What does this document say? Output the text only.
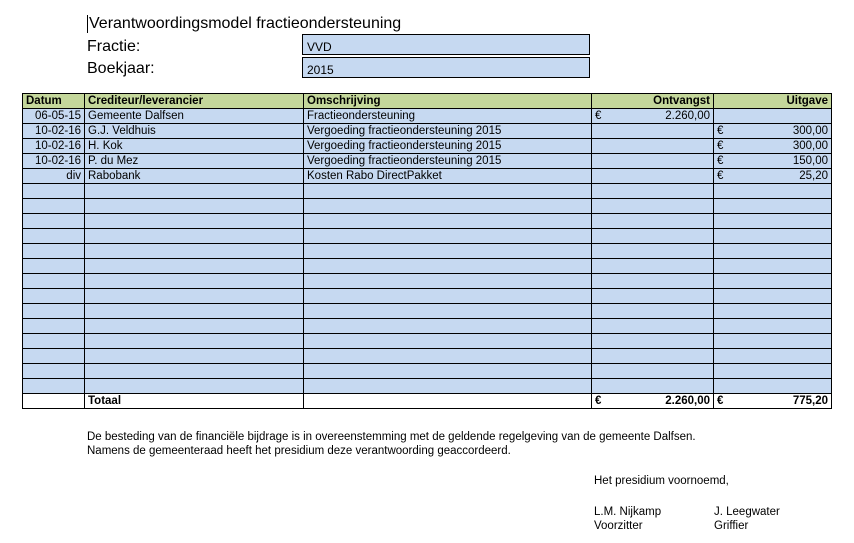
Verantwoordingsmodel fractieondersteuning
Fractie:	VVD
Boekjaar:	2015
Datum	Crediteur/leverancier	Omschrijving	Ontvangst	Uitgave
06-05-15	Gemeente Dalfsen	Fractieondersteuning	€ 2.260,00	

10-02-16	G.J. Veldhuis	Vergoeding fractieondersteuning 2015		€ 300,00

10-02-16	H. Kok	Vergoeding fractieondersteuning 2015		€ 300,00

10-02-16	P. du Mez	Vergoeding fractieondersteuning 2015		€ 150,00

div	Rabobank	Kosten Rabo DirectPakket		€ 25,20

	Totaal		€ 2.260,00	€ 775,20
De besteding van de financiële bijdrage is in overeenstemming met de geldende regelgeving van de gemeente Dalfsen.
Namens de gemeenteraad heeft het presidium deze verantwoording geaccordeerd.
Het presidium voornoemd,
L.M. Nijkamp
Voorzitter
J. Leegwater
Griffier
